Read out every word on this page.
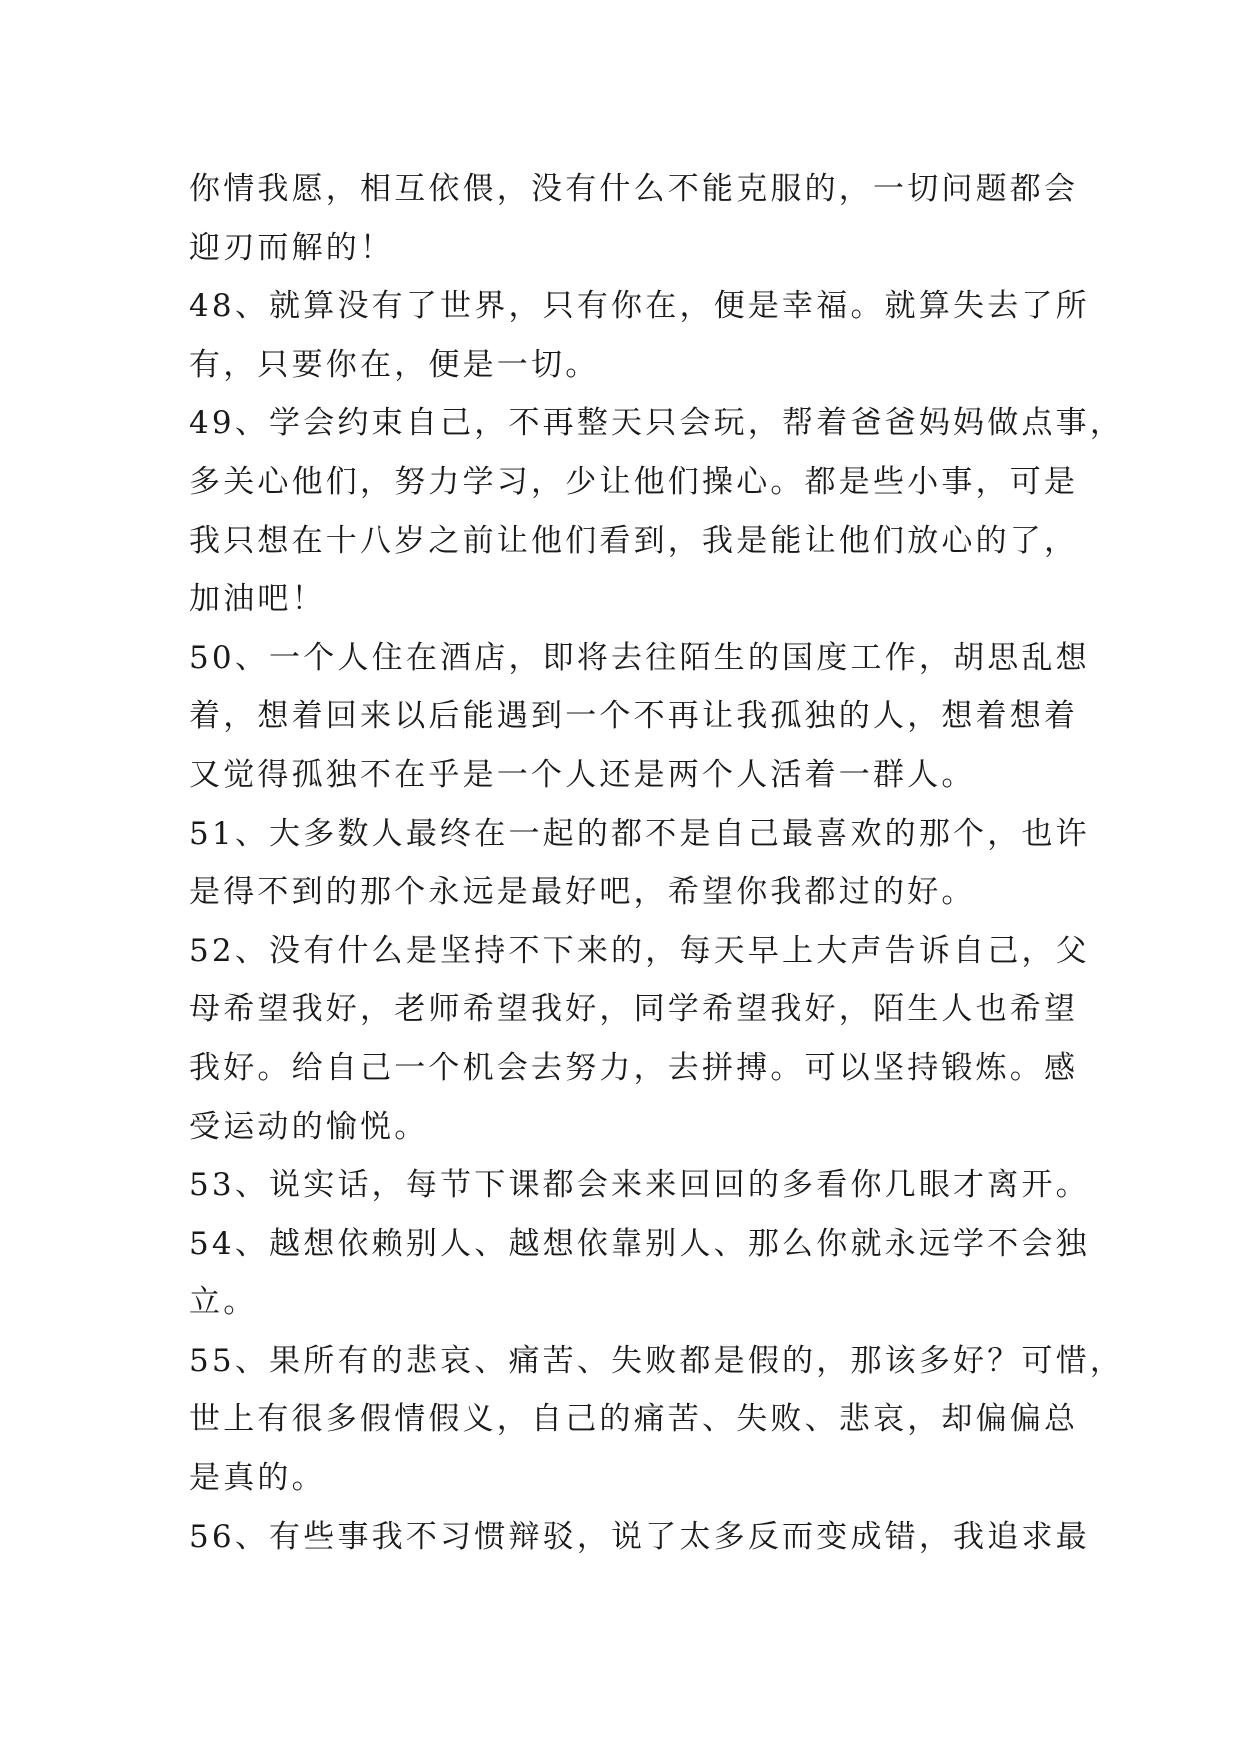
你情我愿，相互依偎，没有什么不能克服的，一切问题都会
迎刃而解的！
48、就算没有了世界，只有你在，便是幸福。就算失去了所
有，只要你在，便是一切。
49、学会约束自己，不再整天只会玩，帮着爸爸妈妈做点事，
多关心他们，努力学习，少让他们操心。都是些小事，可是
我只想在十八岁之前让他们看到，我是能让他们放心的了，
加油吧！
50、一个人住在酒店，即将去往陌生的国度工作，胡思乱想
着，想着回来以后能遇到一个不再让我孤独的人，想着想着
又觉得孤独不在乎是一个人还是两个人活着一群人。
51、大多数人最终在一起的都不是自己最喜欢的那个，也许
是得不到的那个永远是最好吧，希望你我都过的好。
52、没有什么是坚持不下来的，每天早上大声告诉自己，父
母希望我好，老师希望我好，同学希望我好，陌生人也希望
我好。给自己一个机会去努力，去拼搏。可以坚持锻炼。感
受运动的愉悦。
53、说实话，每节下课都会来来回回的多看你几眼才离开。
54、越想依赖别人、越想依靠别人、那么你就永远学不会独
立。
55、果所有的悲哀、痛苦、失败都是假的，那该多好？可惜，
世上有很多假情假义，自己的痛苦、失败、悲哀，却偏偏总
是真的。
56、有些事我不习惯辩驳，说了太多反而变成错，我追求最
